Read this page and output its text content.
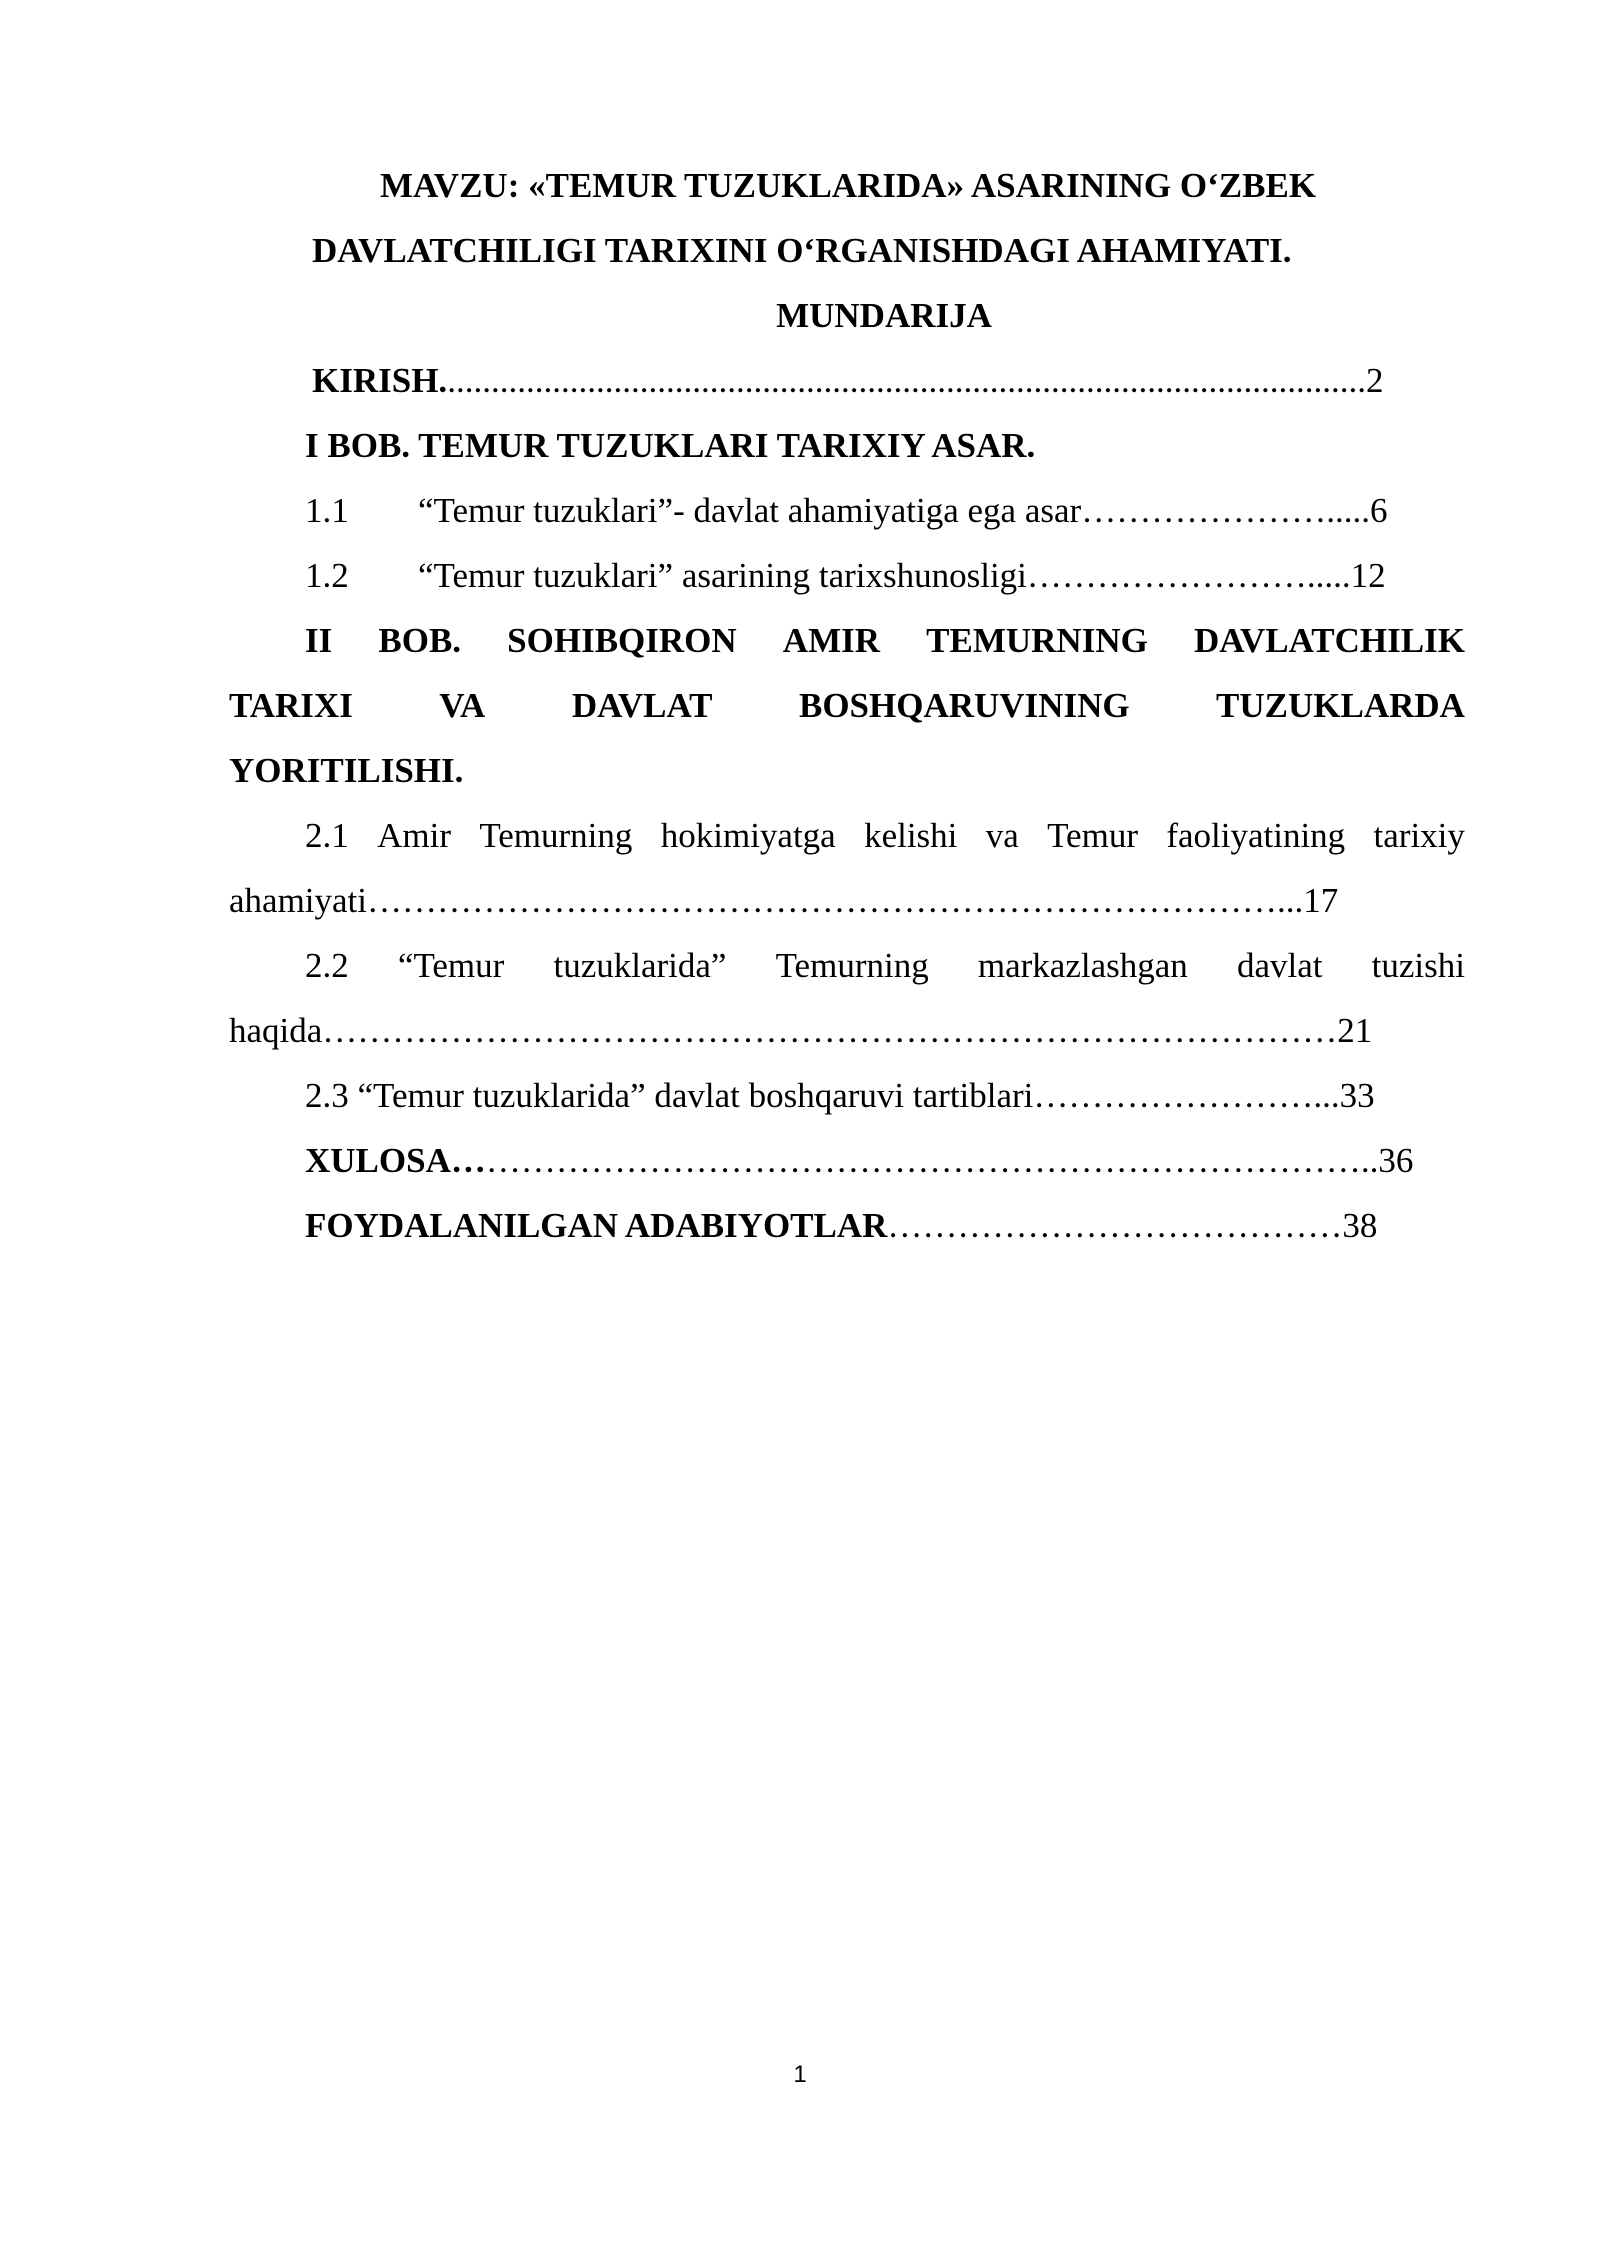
MAVZU: «TEMUR TUZUKLARIDA» ASARINING O‘ZBEK
DAVLATCHILIGI TARIXINI O‘RGANISHDAGI AHAMIYATI.
MUNDARIJA
KIRISH..........................................................................................................2
I BOB. TEMUR TUZUKLARI TARIXIY ASAR.
1.1 “Temur tuzuklari”- davlat ahamiyatiga ega asar………………….....6
1.2 “Temur tuzuklari” asarining tarixshunosligi…………………….....12
II BOB. SOHIBQIRON AMIR TEMURNING DAVLATCHILIK
TARIXI VA DAVLAT BOSHQARUVINING TUZUKLARDA
YORITILISHI.
2.1 Amir Temurning hokimiyatga kelishi va Temur faoliyatining tarixiy
ahamiyati……………………………………………………………………...17
2.2 “Temur tuzuklarida” Temurning markazlashgan davlat tuzishi
haqida……………………………………………………………………………21
2.3 “Temur tuzuklarida” davlat boshqaruvi tartiblari……………………...33
XULOSA……………………………………………………………………..36
FOYDALANILGAN ADABIYOTLAR…………………………………38
1
